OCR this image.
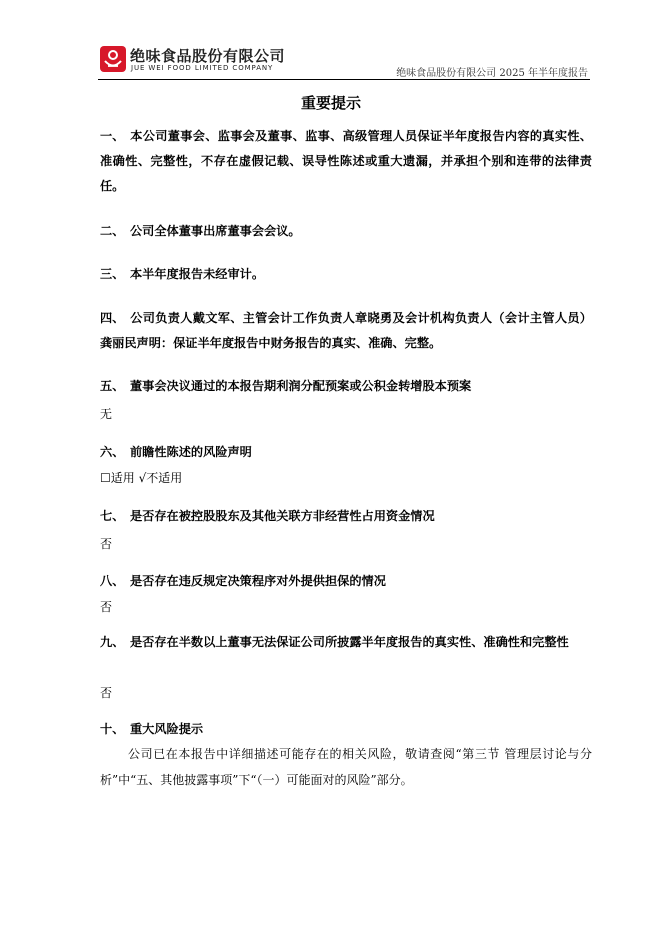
绝味食品股份有限公司
JUE WEI FOOD LIMITED COMPANY	绝味食品股份有限公司 2025 年半年度报告
重要提示
一、 本公司董事会、监事会及董事、监事、高级管理人员保证半年度报告内容的真实性、准确性、完整性，不存在虚假记载、误导性陈述或重大遗漏，并承担个别和连带的法律责任。
二、 公司全体董事出席董事会会议。
三、 本半年度报告未经审计。
四、 公司负责人戴文军、主管会计工作负责人章晓勇及会计机构负责人（会计主管人员）龚丽民声明：保证半年度报告中财务报告的真实、准确、完整。
五、 董事会决议通过的本报告期利润分配预案或公积金转增股本预案
无
六、 前瞻性陈述的风险声明
☐适用 √不适用
七、 是否存在被控股股东及其他关联方非经营性占用资金情况
否
八、 是否存在违反规定决策程序对外提供担保的情况
否
九、 是否存在半数以上董事无法保证公司所披露半年度报告的真实性、准确性和完整性
否
十、 重大风险提示
公司已在本报告中详细描述可能存在的相关风险，敬请查阅“第三节 管理层讨论与分析”中“五、其他披露事项”下“（一）可能面对的风险”部分。
